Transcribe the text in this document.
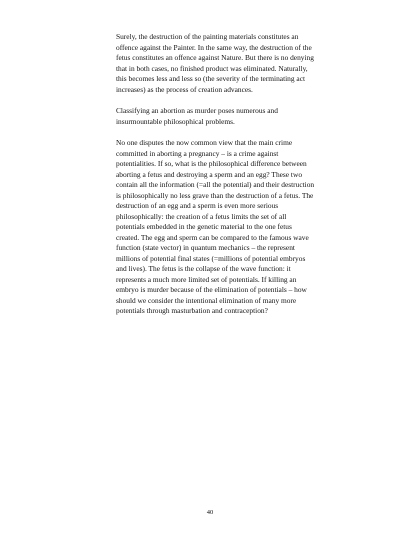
Surely, the destruction of the painting materials constitutes an offence against the Painter. In the same way, the destruction of the fetus constitutes an offence against Nature. But there is no denying that in both cases, no finished product was eliminated. Naturally, this becomes less and less so (the severity of the terminating act increases) as the process of creation advances.

Classifying an abortion as murder poses numerous and insurmountable philosophical problems.

No one disputes the now common view that the main crime committed in aborting a pregnancy – is a crime against potentialities. If so, what is the philosophical difference between aborting a fetus and destroying a sperm and an egg? These two contain all the information (=all the potential) and their destruction is philosophically no less grave than the destruction of a fetus. The destruction of an egg and a sperm is even more serious philosophically: the creation of a fetus limits the set of all potentials embedded in the genetic material to the one fetus created. The egg and sperm can be compared to the famous wave function (state vector) in quantum mechanics – the represent millions of potential final states (=millions of potential embryos and lives). The fetus is the collapse of the wave function: it represents a much more limited set of potentials. If killing an embryo is murder because of the elimination of potentials – how should we consider the intentional elimination of many more potentials through masturbation and contraception?

40
